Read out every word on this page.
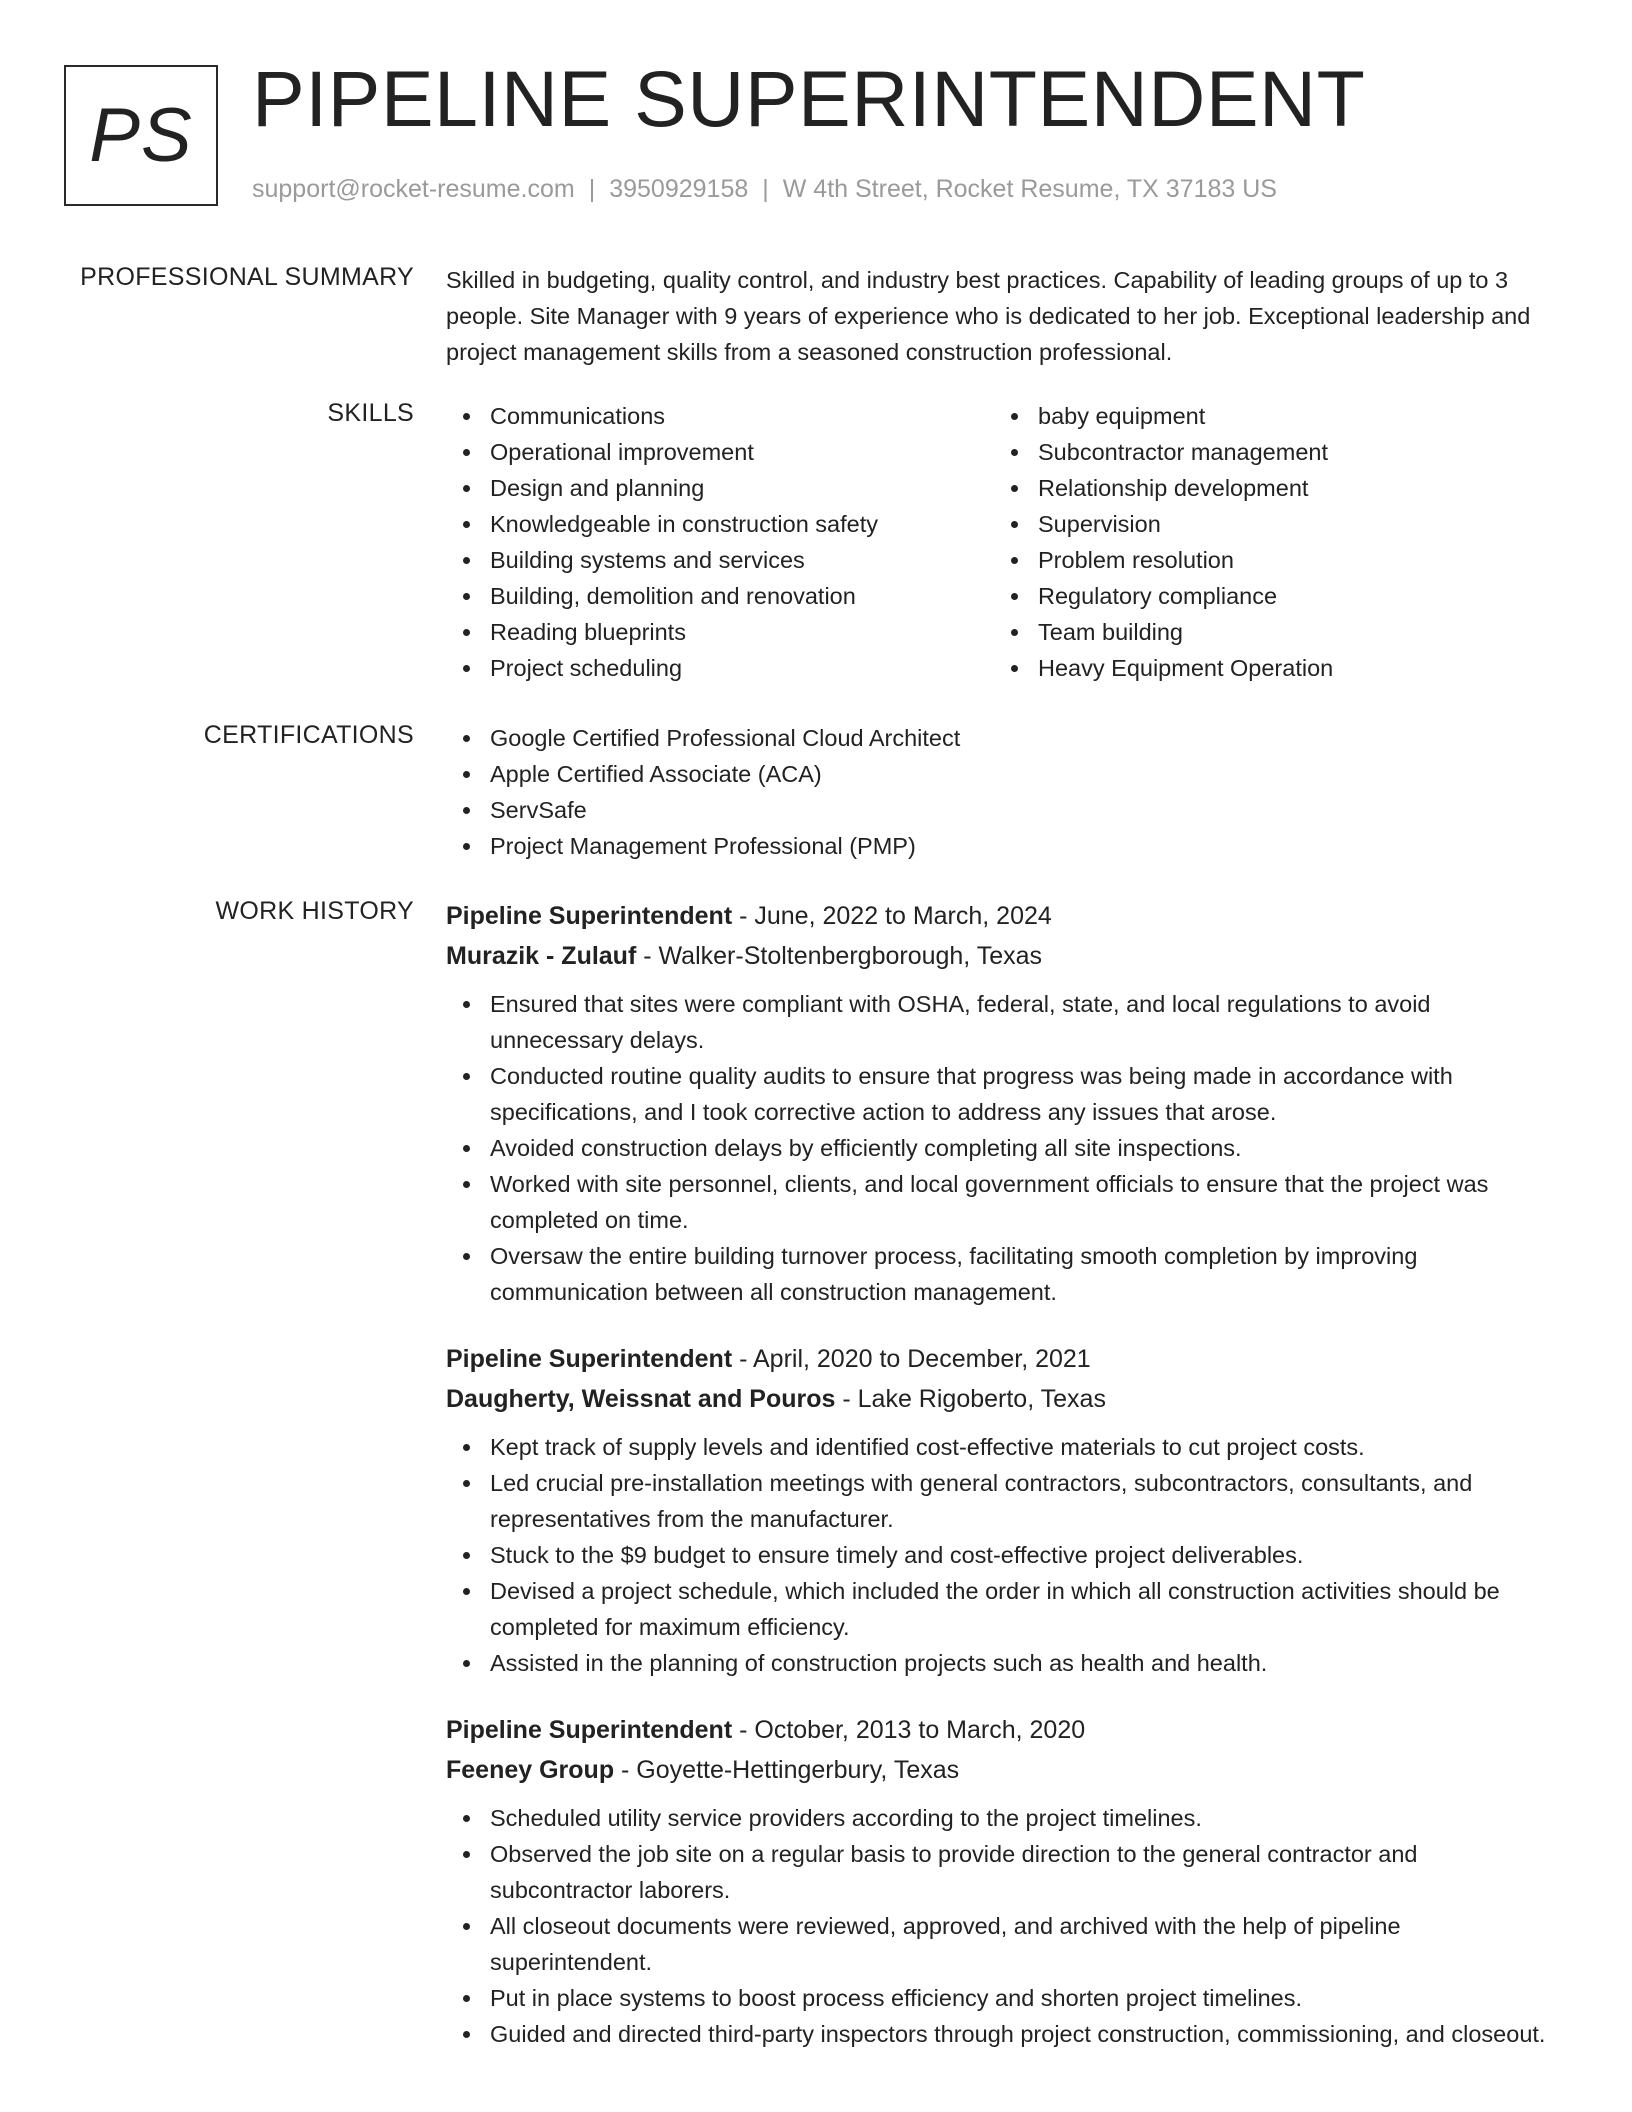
PS PIPELINE SUPERINTENDENT
support@rocket-resume.com | 3950929158 | W 4th Street, Rocket Resume, TX 37183 US
PROFESSIONAL SUMMARY Skilled in budgeting, quality control, and industry best practices. Capability of leading groups of up to 3 people. Site Manager with 9 years of experience who is dedicated to her job. Exceptional leadership and project management skills from a seasoned construction professional.

SKILLS	Communications
Operational improvement
Design and planning
Knowledgeable in construction safety
Building systems and services
Building, demolition and renovation
Reading blueprints
Project scheduling
baby equipment
Subcontractor management
Relationship development
Supervision
Problem resolution
Regulatory compliance
Team building
Heavy Equipment Operation
CERTIFICATIONS	Google Certified Professional Cloud Architect
Apple Certified Associate (ACA)
ServSafe
Project Management Professional (PMP)
WORK HISTORY Pipeline Superintendent - June, 2022 to March, 2024
Murazik - Zulauf - Walker-Stoltenbergborough, Texas
Ensured that sites were compliant with OSHA, federal, state, and local regulations to avoid unnecessary delays.
Conducted routine quality audits to ensure that progress was being made in accordance with specifications, and I took corrective action to address any issues that arose.
Avoided construction delays by efficiently completing all site inspections.
Worked with site personnel, clients, and local government officials to ensure that the project was completed on time.
Oversaw the entire building turnover process, facilitating smooth completion by improving communication between all construction management.
Pipeline Superintendent - April, 2020 to December, 2021
Daugherty, Weissnat and Pouros - Lake Rigoberto, Texas
Kept track of supply levels and identified cost-effective materials to cut project costs.
Led crucial pre-installation meetings with general contractors, subcontractors, consultants, and representatives from the manufacturer.
Stuck to the $9 budget to ensure timely and cost-effective project deliverables.
Devised a project schedule, which included the order in which all construction activities should be completed for maximum efficiency.
Assisted in the planning of construction projects such as health and health.
Pipeline Superintendent - October, 2013 to March, 2020
Feeney Group - Goyette-Hettingerbury, Texas
Scheduled utility service providers according to the project timelines.
Observed the job site on a regular basis to provide direction to the general contractor and subcontractor laborers.
All closeout documents were reviewed, approved, and archived with the help of pipeline superintendent.
Put in place systems to boost process efficiency and shorten project timelines.
Guided and directed third-party inspectors through project construction, commissioning, and closeout.
